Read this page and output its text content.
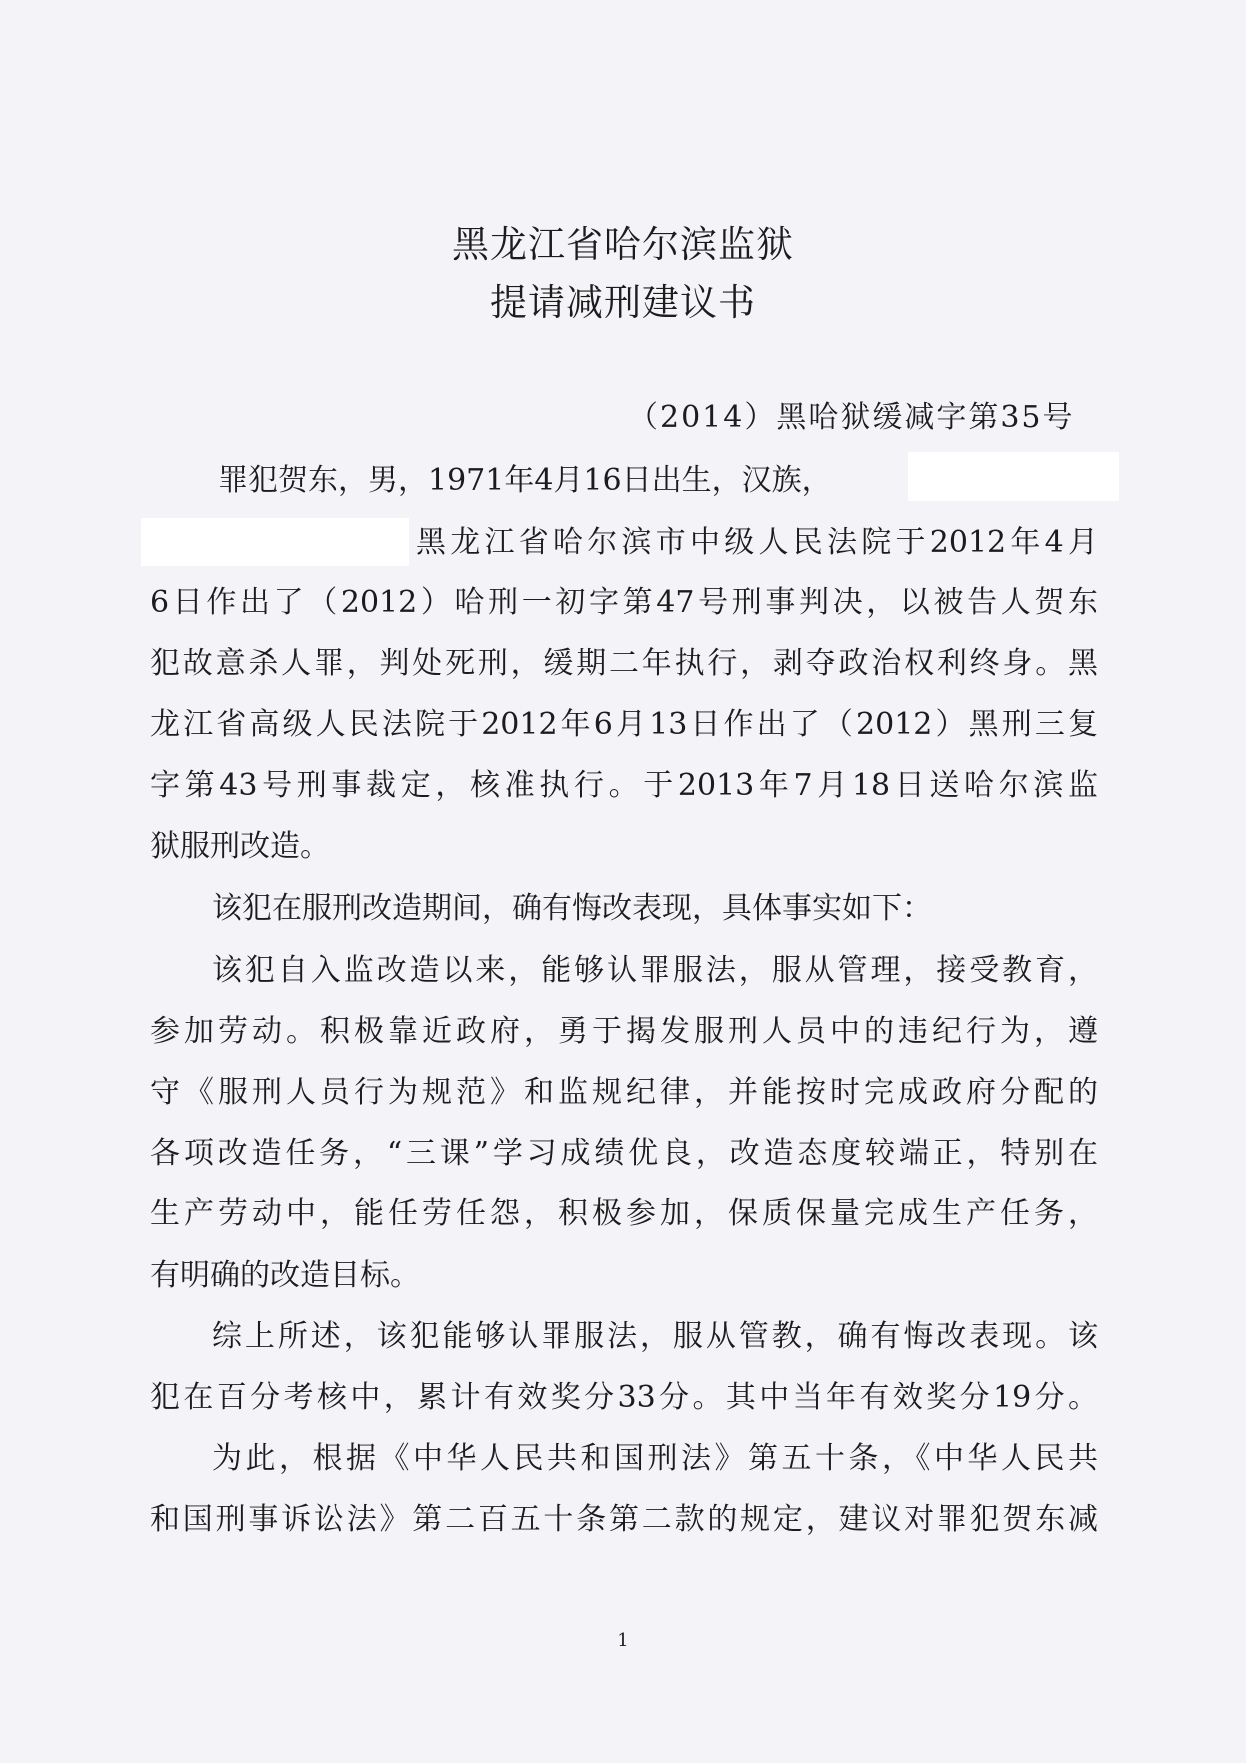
黑龙江省哈尔滨监狱
提请减刑建议书
（2014）黑哈狱缓减字第35号
罪犯贺东，男，1971年4月16日出生，汉族，
黑龙江省哈尔滨市中级人民法院于2012年4月
6日作出了（2012）哈刑一初字第47号刑事判决，以被告人贺东
犯故意杀人罪，判处死刑，缓期二年执行，剥夺政治权利终身。黑
龙江省高级人民法院于2012年6月13日作出了（2012）黑刑三复
字第43号刑事裁定，核准执行。于2013年7月18日送哈尔滨监
狱服刑改造。
该犯在服刑改造期间，确有悔改表现，具体事实如下：
该犯自入监改造以来，能够认罪服法，服从管理，接受教育，
参加劳动。积极靠近政府，勇于揭发服刑人员中的违纪行为，遵
守《服刑人员行为规范》和监规纪律，并能按时完成政府分配的
各项改造任务，“三课”学习成绩优良，改造态度较端正，特别在
生产劳动中，能任劳任怨，积极参加，保质保量完成生产任务，
有明确的改造目标。
综上所述，该犯能够认罪服法，服从管教，确有悔改表现。该
犯在百分考核中，累计有效奖分33分。其中当年有效奖分19分。
为此，根据《中华人民共和国刑法》第五十条，《中华人民共
和国刑事诉讼法》第二百五十条第二款的规定，建议对罪犯贺东减
1
